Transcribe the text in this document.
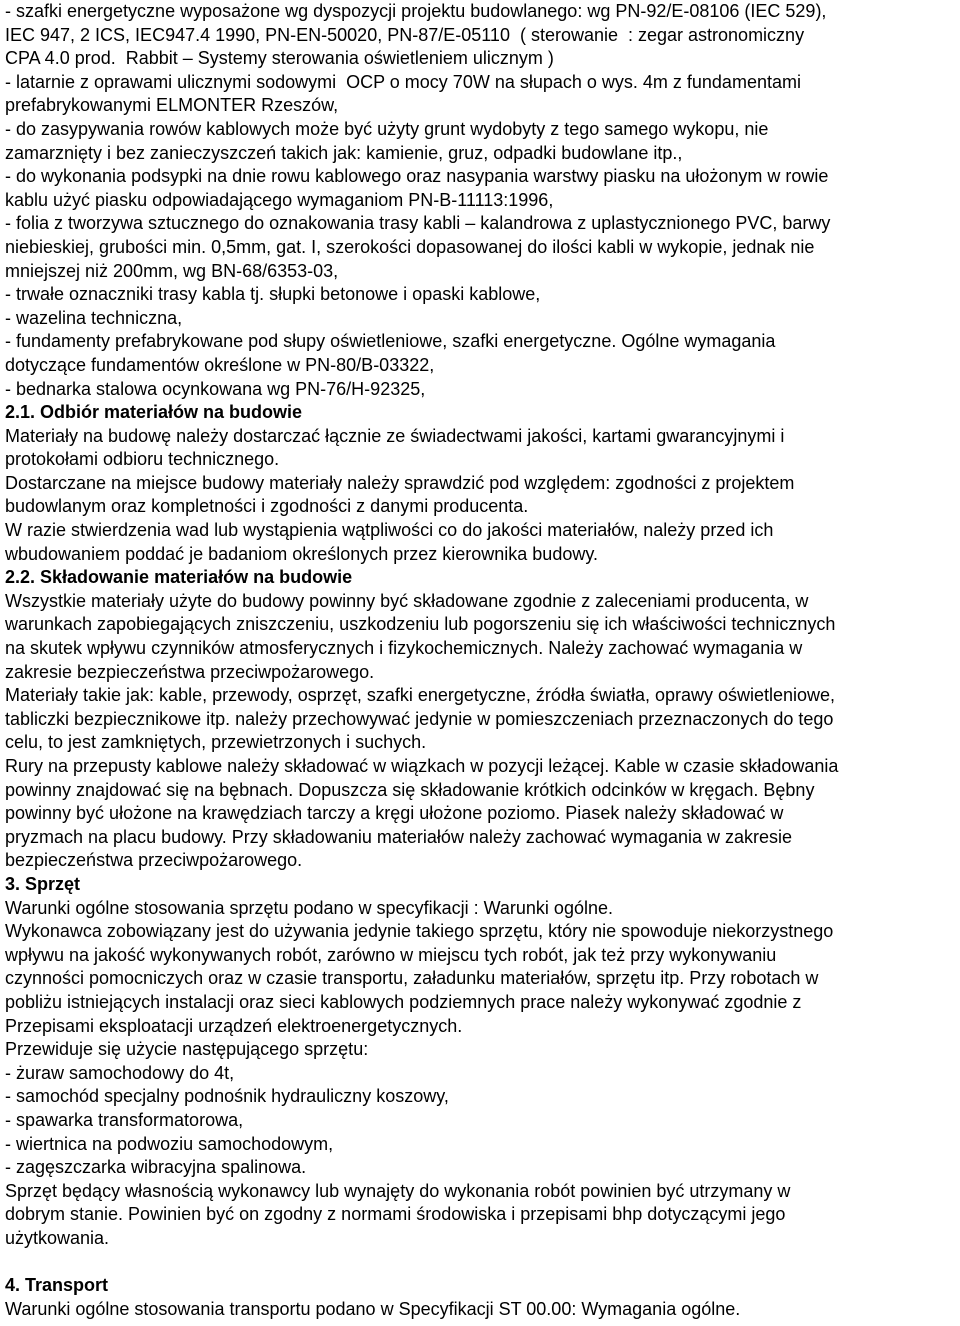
- szafki energetyczne wyposażone wg dyspozycji projektu budowlanego: wg PN-92/E-08106 (IEC 529),
IEC 947, 2 ICS, IEC947.4 1990, PN-EN-50020, PN-87/E-05110  ( sterowanie  : zegar astronomiczny
CPA 4.0 prod.  Rabbit – Systemy sterowania oświetleniem ulicznym )
- latarnie z oprawami ulicznymi sodowymi  OCP o mocy 70W na słupach o wys. 4m z fundamentami
prefabrykowanymi ELMONTER Rzeszów,
- do zasypywania rowów kablowych może być użyty grunt wydobyty z tego samego wykopu, nie
zamarznięty i bez zanieczyszczeń takich jak: kamienie, gruz, odpadki budowlane itp.,
- do wykonania podsypki na dnie rowu kablowego oraz nasypania warstwy piasku na ułożonym w rowie
kablu użyć piasku odpowiadającego wymaganiom PN-B-11113:1996,
- folia z tworzywa sztucznego do oznakowania trasy kabli – kalandrowa z uplastycznionego PVC, barwy
niebieskiej, grubości min. 0,5mm, gat. I, szerokości dopasowanej do ilości kabli w wykopie, jednak nie
mniejszej niż 200mm, wg BN-68/6353-03,
- trwałe oznaczniki trasy kabla tj. słupki betonowe i opaski kablowe,
- wazelina techniczna,
- fundamenty prefabrykowane pod słupy oświetleniowe, szafki energetyczne. Ogólne wymagania
dotyczące fundamentów określone w PN-80/B-03322,
- bednarka stalowa ocynkowana wg PN-76/H-92325,
2.1. Odbiór materiałów na budowie
Materiały na budowę należy dostarczać łącznie ze świadectwami jakości, kartami gwarancyjnymi i
protokołami odbioru technicznego.
Dostarczane na miejsce budowy materiały należy sprawdzić pod względem: zgodności z projektem
budowlanym oraz kompletności i zgodności z danymi producenta.
W razie stwierdzenia wad lub wystąpienia wątpliwości co do jakości materiałów, należy przed ich
wbudowaniem poddać je badaniom określonych przez kierownika budowy.
2.2. Składowanie materiałów na budowie
Wszystkie materiały użyte do budowy powinny być składowane zgodnie z zaleceniami producenta, w
warunkach zapobiegających zniszczeniu, uszkodzeniu lub pogorszeniu się ich właściwości technicznych
na skutek wpływu czynników atmosferycznych i fizykochemicznych. Należy zachować wymagania w
zakresie bezpieczeństwa przeciwpożarowego.
Materiały takie jak: kable, przewody, osprzęt, szafki energetyczne, źródła światła, oprawy oświetleniowe,
tabliczki bezpiecznikowe itp. należy przechowywać jedynie w pomieszczeniach przeznaczonych do tego
celu, to jest zamkniętych, przewietrzonych i suchych.
Rury na przepusty kablowe należy składować w wiązkach w pozycji leżącej. Kable w czasie składowania
powinny znajdować się na bębnach. Dopuszcza się składowanie krótkich odcinków w kręgach. Bębny
powinny być ułożone na krawędziach tarczy a kręgi ułożone poziomo. Piasek należy składować w
pryzmach na placu budowy. Przy składowaniu materiałów należy zachować wymagania w zakresie
bezpieczeństwa przeciwpożarowego.
3. Sprzęt
Warunki ogólne stosowania sprzętu podano w specyfikacji : Warunki ogólne.
Wykonawca zobowiązany jest do używania jedynie takiego sprzętu, który nie spowoduje niekorzystnego
wpływu na jakość wykonywanych robót, zarówno w miejscu tych robót, jak też przy wykonywaniu
czynności pomocniczych oraz w czasie transportu, załadunku materiałów, sprzętu itp. Przy robotach w
pobliżu istniejących instalacji oraz sieci kablowych podziemnych prace należy wykonywać zgodnie z
Przepisami eksploatacji urządzeń elektroenergetycznych.
Przewiduje się użycie następującego sprzętu:
- żuraw samochodowy do 4t,
- samochód specjalny podnośnik hydrauliczny koszowy,
- spawarka transformatorowa,
- wiertnica na podwoziu samochodowym,
- zagęszczarka wibracyjna spalinowa.
Sprzęt będący własnością wykonawcy lub wynajęty do wykonania robót powinien być utrzymany w
dobrym stanie. Powinien być on zgodny z normami środowiska i przepisami bhp dotyczącymi jego
użytkowania.
4. Transport
Warunki ogólne stosowania transportu podano w Specyfikacji ST 00.00: Wymagania ogólne.
